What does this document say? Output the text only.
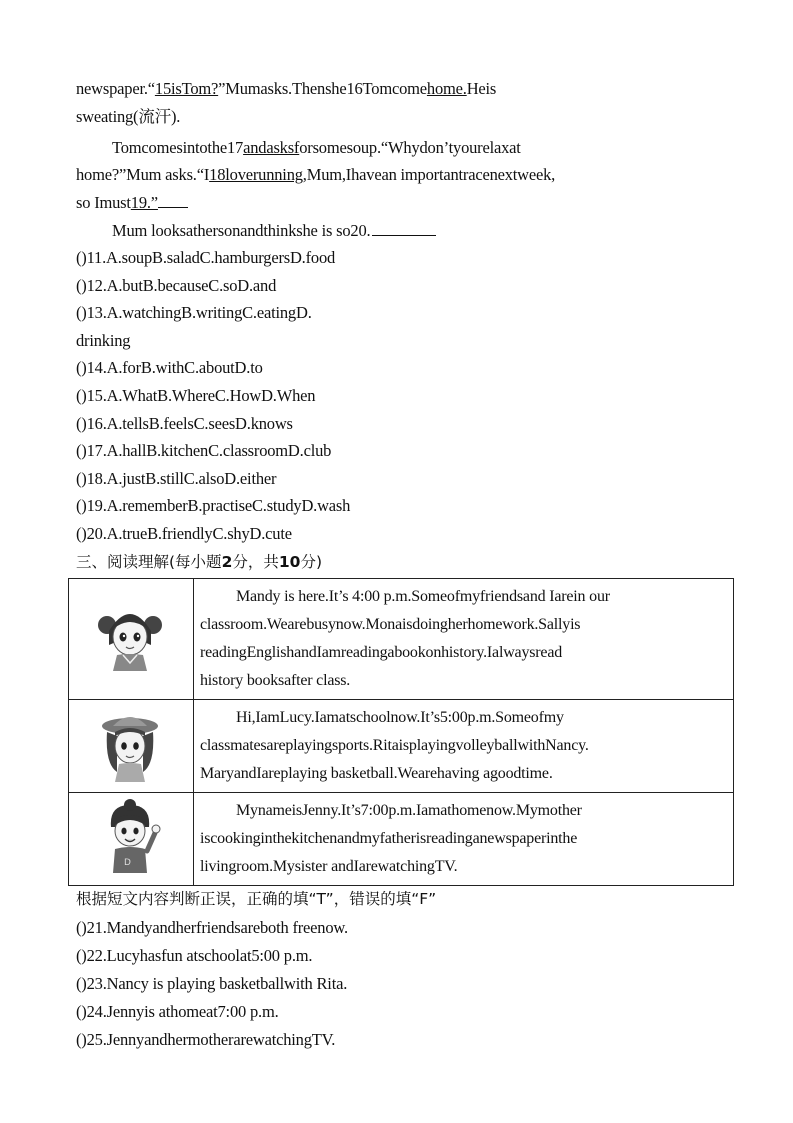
newspaper.“15isTom?”Mumasks.Thenshe16Tomcomehome.Heis
sweating(流汗).
Tomcomesintothe17andasksforsomesoup.“Whydon’tyourelaxat
home?”Mum asks.“I18loverunning,Mum,Ihavean importantracenextweek,
so Imust19.”
Mum looksathersonandthinkshe is so20.
()11.A.soupB.saladC.hamburgersD.food
()12.A.butB.becauseC.soD.and
()13.A.watchingB.writingC.eatingD.
drinking
()14.A.forB.withC.aboutD.to
()15.A.WhatB.WhereC.HowD.When
()16.A.tellsB.feelsC.seesD.knows
()17.A.hallB.kitchenC.classroomD.club
()18.A.justB.stillC.alsoD.either
()19.A.rememberB.practiseC.studyD.wash
()20.A.trueB.friendlyC.shyD.cute
三、阅读理解(每小题2分，共10分)

Mandy is here.It’s 4:00 p.m.Someofmyfriendsand Iarein our
classroom.Wearebusynow.Monaisdoingherhomework.Sallyis
readingEnglishandIamreadingabookonhistory.Ialwaysread
history booksafter class.

Hi,IamLucy.Iamatschoolnow.It’s5:00p.m.Someofmy
classmatesareplayingsports.RitaisplayingvolleyballwithNancy.
MaryandIareplaying basketball.Wearehaving agoodtime.

D	MynameisJenny.It’s7:00p.m.Iamathomenow.Mymother
iscookinginthekitchenandmyfatherisreadinganewspaperinthe
livingroom.Mysister andIarewatchingTV.
根据短文内容判断正误，正确的填“T”，错误的填“F”
()21.Mandyandherfriendsareboth freenow.
()22.Lucyhasfun atschoolat5:00 p.m.
()23.Nancy is playing basketballwith Rita.
()24.Jennyis athomeat7:00 p.m.
()25.JennyandhermotherarewatchingTV.
